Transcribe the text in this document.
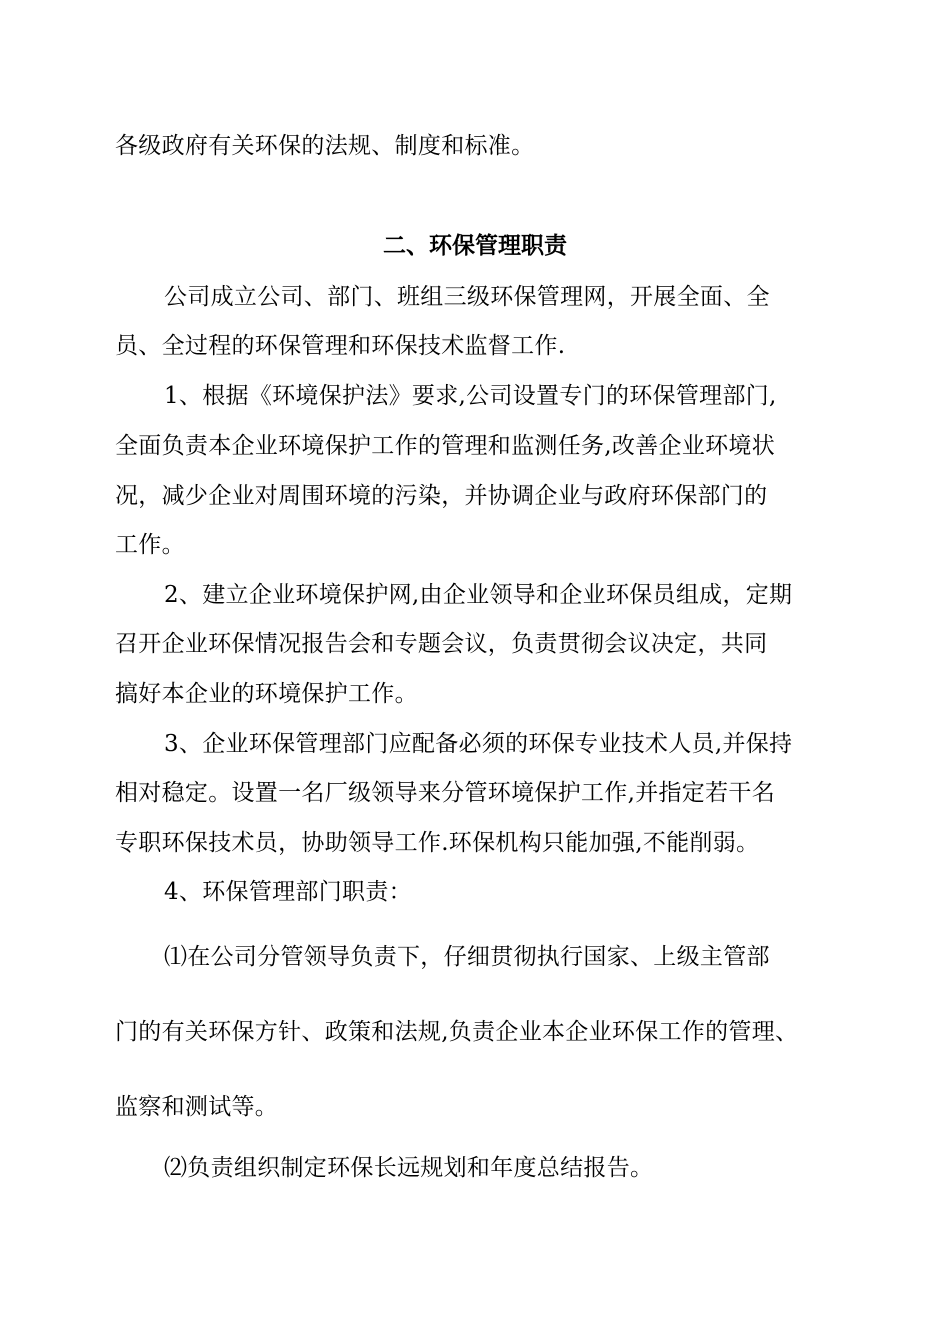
各级政府有关环保的法规、制度和标准。
二、环保管理职责
公司成立公司、部门、班组三级环保管理网，开展全面、全
员、全过程的环保管理和环保技术监督工作.
1、根据《环境保护法》要求,公司设置专门的环保管理部门,
全面负责本企业环境保护工作的管理和监测任务,改善企业环境状
况，减少企业对周围环境的污染，并协调企业与政府环保部门的
工作。
2、建立企业环境保护网,由企业领导和企业环保员组成，定期
召开企业环保情况报告会和专题会议，负责贯彻会议决定，共同
搞好本企业的环境保护工作。
3、企业环保管理部门应配备必须的环保专业技术人员,并保持
相对稳定。设置一名厂级领导来分管环境保护工作,并指定若干名
专职环保技术员，协助领导工作.环保机构只能加强,不能削弱。
4、环保管理部门职责：
⑴在公司分管领导负责下，仔细贯彻执行国家、上级主管部
门的有关环保方针、政策和法规,负责企业本企业环保工作的管理、
监察和测试等。
⑵负责组织制定环保长远规划和年度总结报告。
